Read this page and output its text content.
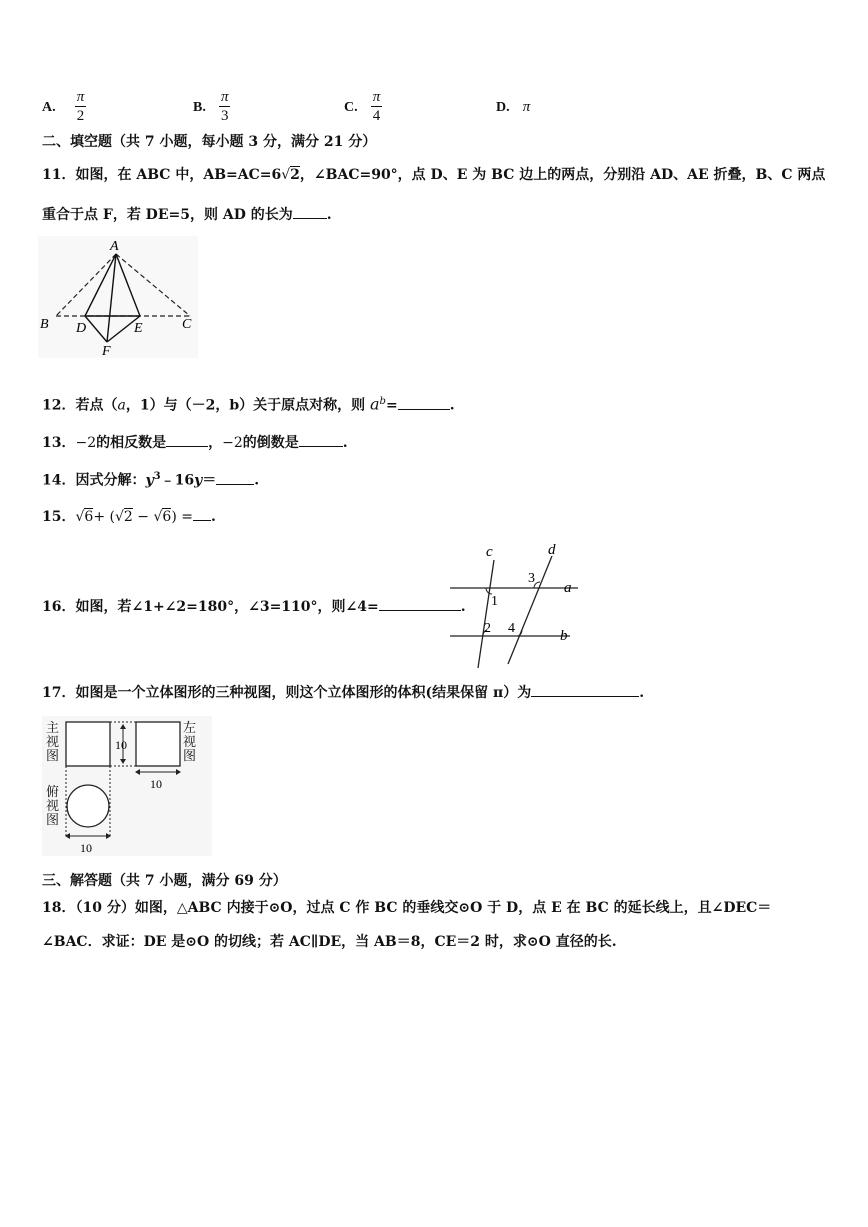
A. $\frac{\pi}{2}$	B. $\frac{\pi}{3}$	C. $\frac{\pi}{4}$	D. π
二、填空题（共 7 小题，每小题 3 分，满分 21 分）
11．如图，在 ABC 中，AB=AC=6√2，∠BAC=90°，点 D、E 为 BC 边上的两点，分别沿 AD、AE 折叠，B、C 两点
重合于点 F，若 DE=5，则 AD 的长为 .
A
B	C
D	E
F
12．若点（a，1）与（－2，b）关于原点对称，则 $a^b=$	.
13．−2的相反数是	，−2的倒数是	.
14．因式分解：$y^3﹣16y=$	.
15．√6+ (√2 − √6) = .
16．如图，若∠1+∠2=180°，∠3=110°，则∠4=	.
c	d
a
b
1
2
3
4
17．如图是一个立体图形的三种视图，则这个立体图形的体积(结果保留 π）为	.
10
10
10
主视图
左视图
俯视图
三、解答题（共 7 小题，满分 69 分）
18．（10 分）如图，△ABC 内接于⊙O，过点 C 作 BC 的垂线交⊙O 于 D，点 E 在 BC 的延长线上，且∠DEC＝
∠BAC．求证：DE 是⊙O 的切线；若 AC∥DE，当 AB＝8，CE＝2 时，求⊙O 直径的长.
